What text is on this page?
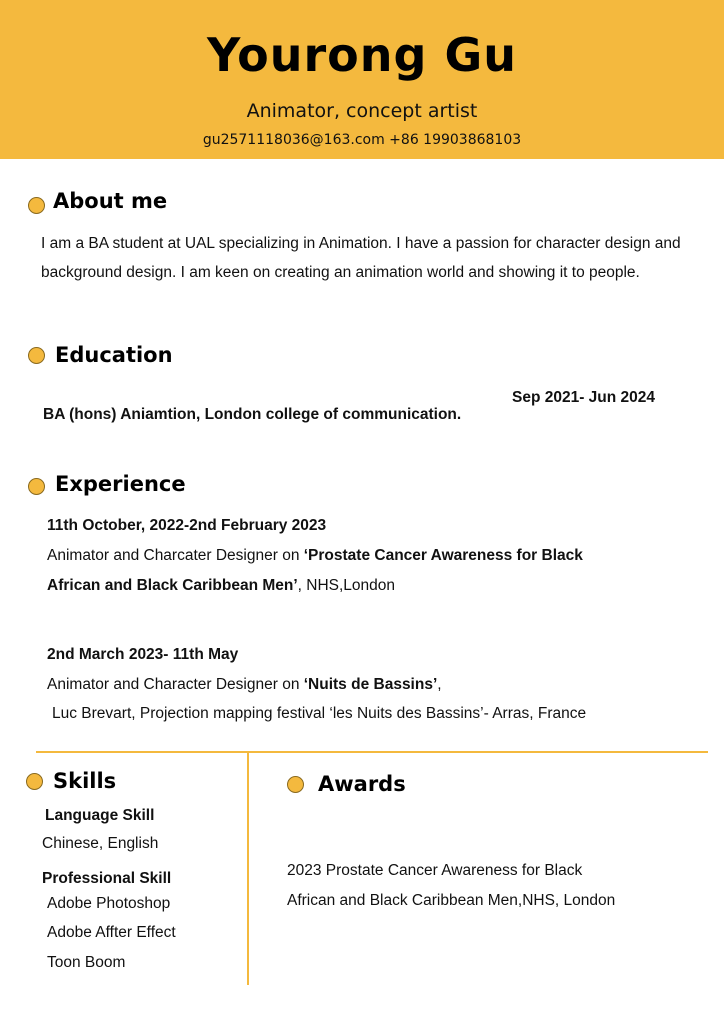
Yourong Gu
Animator, concept artist
gu2571118036@163.com +86 19903868103
About me
I am a BA student at UAL specializing in Animation. I have a passion for character design and background design. I am keen on creating an animation world and showing it to people.
Education
Sep 2021- Jun 2024
BA (hons) Aniamtion, London college of communication.
Experience
11th October, 2022-2nd February 2023
Animator and Charcater Designer on ‘Prostate Cancer Awareness for Black
African and Black Caribbean Men’, NHS,London
2nd March 2023- 11th May
Animator and Character Designer on ‘Nuits de Bassins’,
Luc Brevart, Projection mapping festival ‘les Nuits des Bassins’- Arras, France
Skills
Language Skill
Chinese, English
Professional Skill
Adobe Photoshop
Adobe Affter Effect
Toon Boom
Awards
2023 Prostate Cancer Awareness for Black
African and Black Caribbean Men,NHS, London
